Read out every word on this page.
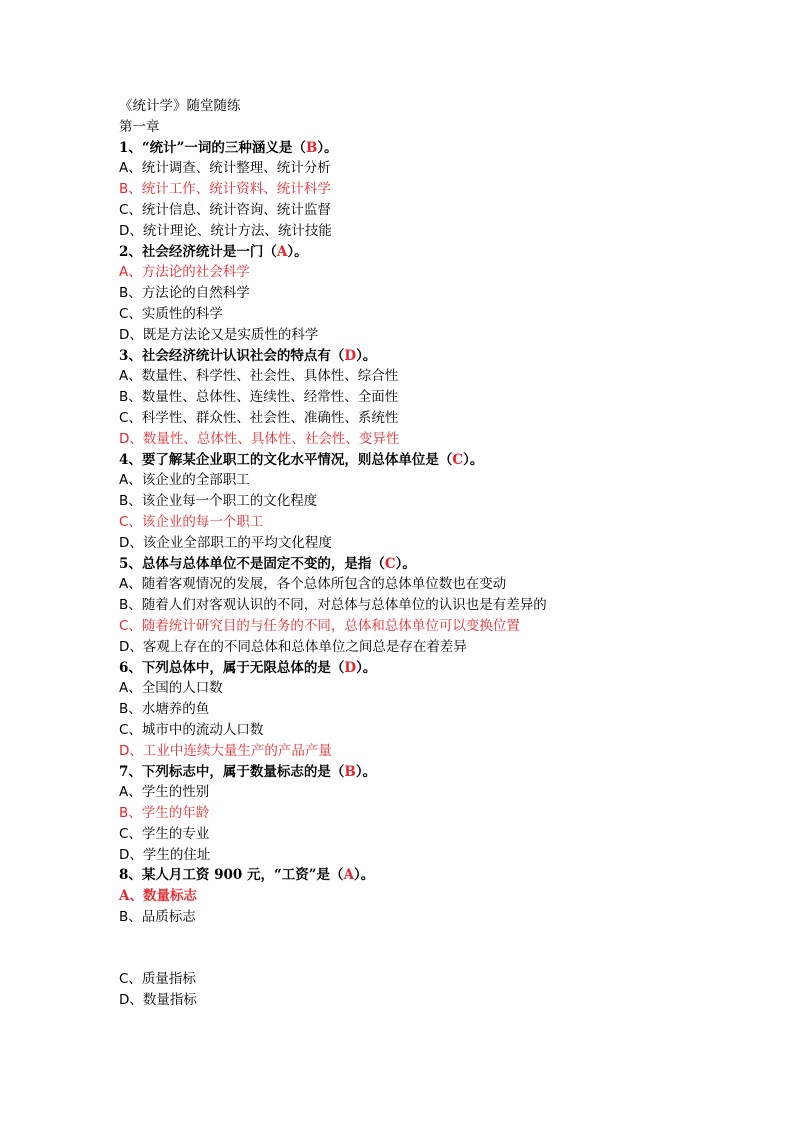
《统计学》随堂随练
第一章
1、“统计”一词的三种涵义是（B）。
A、统计调查、统计整理、统计分析
B、统计工作、统计资料、统计科学
C、统计信息、统计咨询、统计监督
D、统计理论、统计方法、统计技能
2、社会经济统计是一门（A）。
A、方法论的社会科学
B、方法论的自然科学
C、实质性的科学
D、既是方法论又是实质性的科学
3、社会经济统计认识社会的特点有（D）。
A、数量性、科学性、社会性、具体性、综合性
B、数量性、总体性、连续性、经常性、全面性
C、科学性、群众性、社会性、准确性、系统性
D、数量性、总体性、具体性、社会性、变异性
4、要了解某企业职工的文化水平情况，则总体单位是（C）。
A、该企业的全部职工
B、该企业每一个职工的文化程度
C、该企业的每一个职工
D、该企业全部职工的平均文化程度
5、总体与总体单位不是固定不变的，是指（C）。
A、随着客观情况的发展，各个总体所包含的总体单位数也在变动
B、随着人们对客观认识的不同，对总体与总体单位的认识也是有差异的
C、随着统计研究目的与任务的不同，总体和总体单位可以变换位置
D、客观上存在的不同总体和总体单位之间总是存在着差异
6、下列总体中，属于无限总体的是（D）。
A、全国的人口数
B、水塘养的鱼
C、城市中的流动人口数
D、工业中连续大量生产的产品产量
7、下列标志中，属于数量标志的是（B）。
A、学生的性别
B、学生的年龄
C、学生的专业
D、学生的住址
8、某人月工资 900 元，“工资”是（A）。
A、数量标志
B、品质标志
C、质量指标
D、数量指标
